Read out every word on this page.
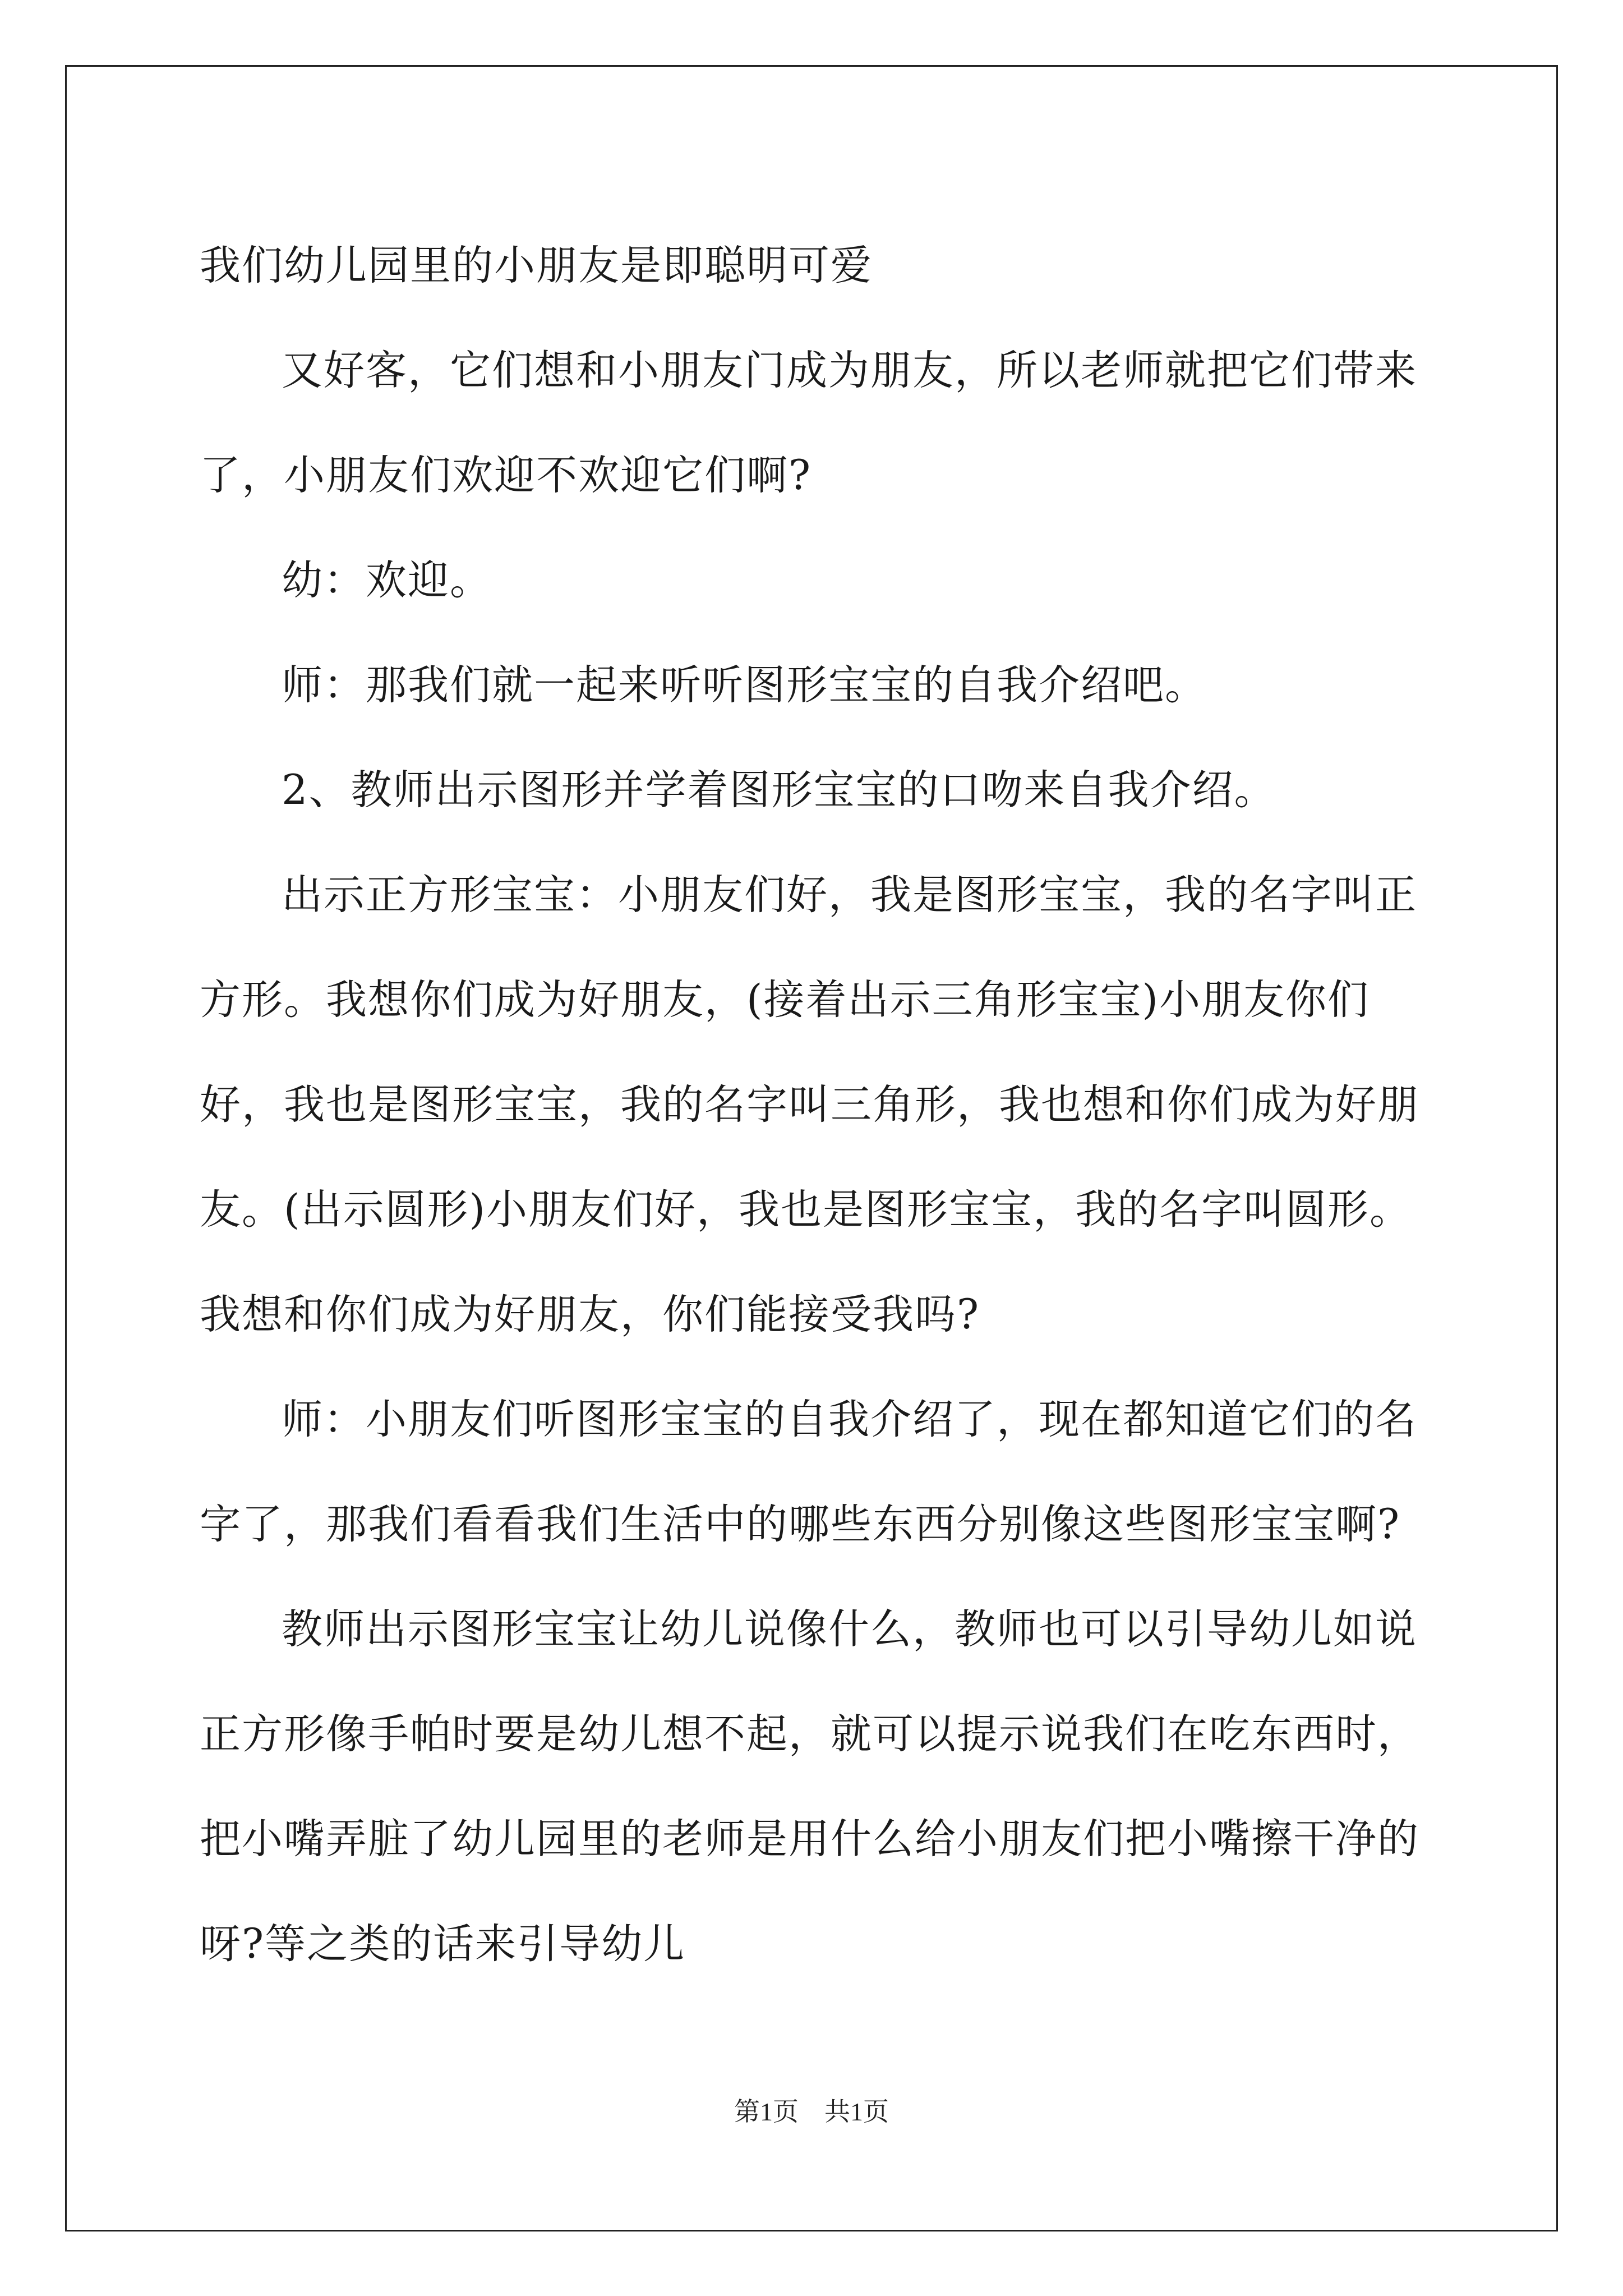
我们幼儿园里的小朋友是即聪明可爱

又好客，它们想和小朋友门成为朋友，所以老师就把它们带来了，小朋友们欢迎不欢迎它们啊?

幼：欢迎。

师：那我们就一起来听听图形宝宝的自我介绍吧。

2、教师出示图形并学着图形宝宝的口吻来自我介绍。

出示正方形宝宝：小朋友们好，我是图形宝宝，我的名字叫正方形。我想你们成为好朋友，(接着出示三角形宝宝)小朋友你们好，我也是图形宝宝，我的名字叫三角形，我也想和你们成为好朋友。(出示圆形)小朋友们好，我也是图形宝宝，我的名字叫圆形。我想和你们成为好朋友，你们能接受我吗?

师：小朋友们听图形宝宝的自我介绍了，现在都知道它们的名字了，那我们看看我们生活中的哪些东西分别像这些图形宝宝啊?

教师出示图形宝宝让幼儿说像什么，教师也可以引导幼儿如说正方形像手帕时要是幼儿想不起，就可以提示说我们在吃东西时，把小嘴弄脏了幼儿园里的老师是用什么给小朋友们把小嘴擦干净的呀?等之类的话来引导幼儿

第1页 共1页
